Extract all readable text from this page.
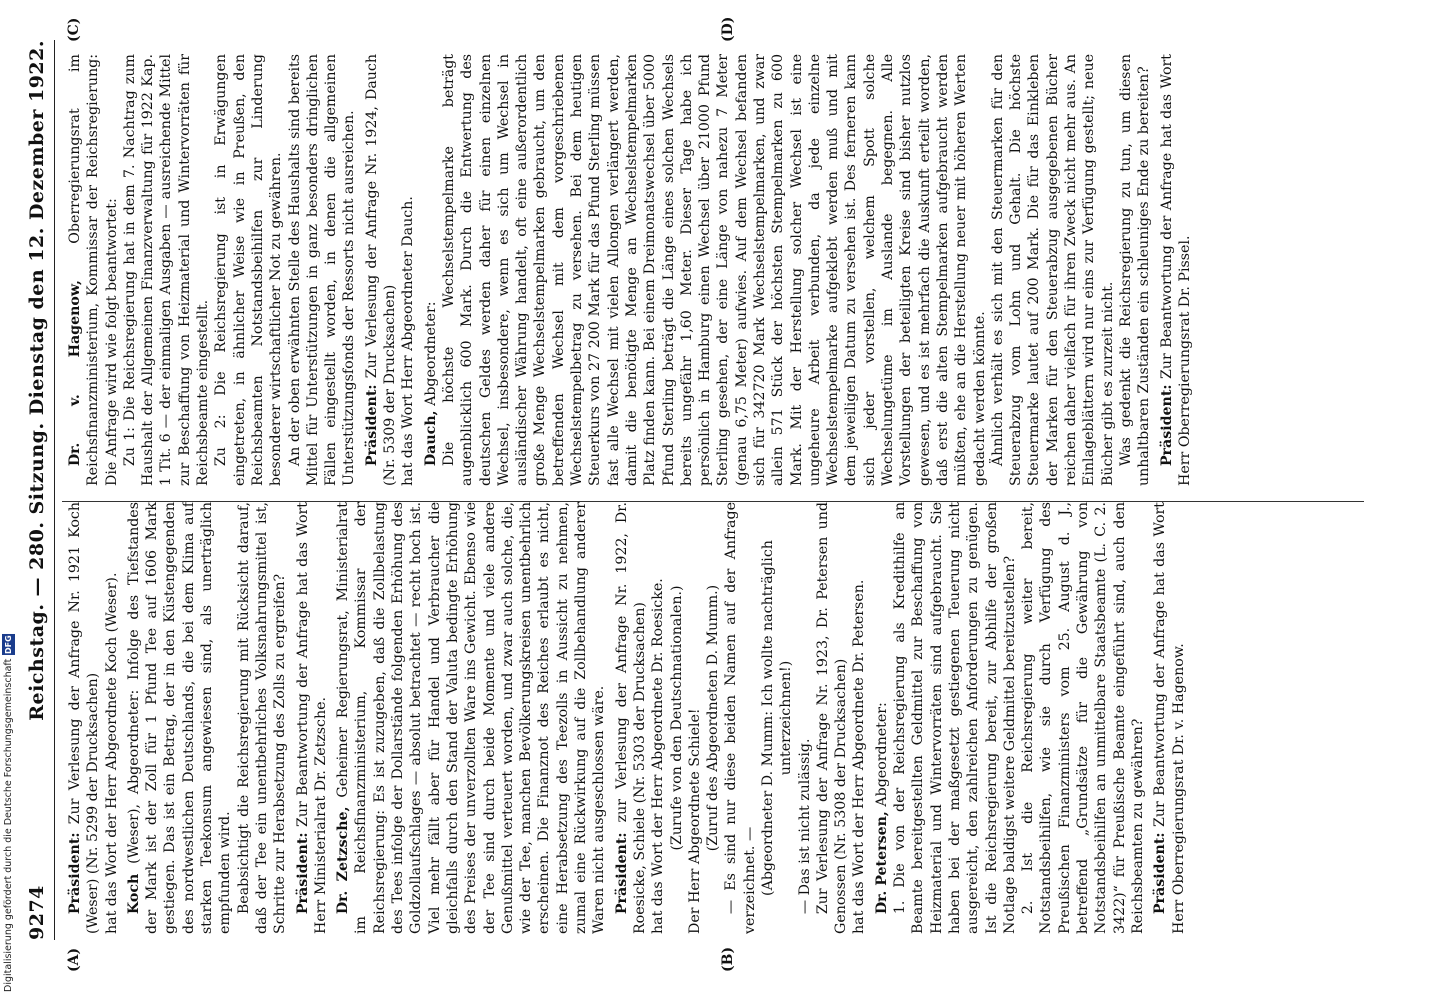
9274
Reichstag. — 280. Sitzung. Dienstag den 12. Dezember 1922.
(A)	(B)
(C)	(D)

Präsident: Zur Verlesung der Anfrage Nr. 1921 Koch (Weser) (Nr. 5299 der Drucksachen) hat das Wort der Herr Abgeordnete Koch (Weser). Koch (Weser), Abgeordneter: Infolge des Tiefstandes der Mark ist der Zoll für 1 Pfund Tee auf 1606 Mark gestiegen. Das ist ein Betrag, der in den Küstengegenden des nordwestlichen Deutschlands, die bei dem Klima auf starken Teekonsum angewiesen sind, als unerträglich empfunden wird. Beabsichtigt die Reichsregierung mit Rücksicht darauf, daß der Tee ein unentbehrliches Volksnahrungsmittel ist, Schritte zur Herabsetzung des Zolls zu ergreifen? Präsident: Zur Beantwortung der Anfrage hat das Wort Herr Ministerialrat Dr. Zetzsche. Dr. Zetzsche, Geheimer Regierungsrat, Ministerialrat im Reichsfinanzministerium, Kommissar der Reichsregierung: Es ist zuzugeben, daß die Zollbelastung des Tees infolge der Dollarstände folgenden Erhöhung des Goldzollaufschlages — absolut betrachtet — recht hoch ist. Viel mehr fällt aber für Handel und Verbraucher die gleichfalls durch den Stand der Valuta bedingte Erhöhung des Preises der unverzollten Ware ins Gewicht. Ebenso wie der Tee sind durch beide Momente und viele andere Genußmittel verteuert worden, und zwar auch solche, die, wie der Tee, manchen Bevölkerungskreisen unentbehrlich erscheinen. Die Finanznot des Reiches erlaubt es nicht, eine Herabsetzung des Teezolls in Aussicht zu nehmen, zumal eine Rückwirkung auf die Zollbehandlung anderer Waren nicht ausgeschlossen wäre. Präsident: zur Verlesung der Anfrage Nr. 1922, Dr. Roesicke, Schiele (Nr. 5303 der Drucksachen) hat das Wort der Herr Abgeordnete Dr. Roesicke. (Zurufe von den Deutschnationalen.) Der Herr Abgeordnete Schiele! (Zuruf des Abgeordneten D. Mumm.) — Es sind nur diese beiden Namen auf der Anfrage verzeichnet. — (Abgeordneter D. Mumm: Ich wollte nachträglich unterzeichnen!)

— Das ist nicht zulässig. Zur Verlesung der Anfrage Nr. 1923, Dr. Petersen und Genossen (Nr. 5308 der Drucksachen) hat das Wort der Herr Abgeordnete Dr. Petersen. Dr. Petersen, Abgeordneter: 1. Die von der Reichsregierung als Kredithilfe an Beamte bereitgestellten Geldmittel zur Beschaffung von Heizmaterial und Wintervorräten sind aufgebraucht. Sie haben bei der maßgesetzt gestiegenen Teuerung nicht ausgereicht, den zahlreichen Anforderungen zu genügen. Ist die Reichsregierung bereit, zur Abhilfe der großen Notlage baldigst weitere Geldmittel bereitzustellen? 2. Ist die Reichsregierung weiter bereit, Notstandsbeihilfen, wie sie durch Verfügung des Preußischen Finanzministers vom 25. August d. J., betreffend „Grundsätze für die Gewährung von Notstandsbeihilfen an unmittelbare Staatsbeamte (L. C. 2. 3422)“ für Preußische Beamte eingeführt sind, auch den Reichsbeamten zu gewähren? Präsident: Zur Beantwortung der Anfrage hat das Wort Herr Oberregierungsrat Dr. v. Hagenow.

Dr. v. Hagenow, Oberregierungsrat im Reichsfinanzministerium, Kommissar der Reichsregierung: Die Anfrage wird wie folgt beantwortet: Zu 1: Die Reichsregierung hat in dem 7. Nachtrag zum Haushalt der Allgemeinen Finanzverwaltung für 1922 Kap. 1 Tit. 6 — der einmaligen Ausgaben — ausreichende Mittel zur Beschaffung von Heizmaterial und Wintervorräten für Reichsbeamte eingestellt. Zu 2: Die Reichsregierung ist in Erwägungen eingetreten, in ähnlicher Weise wie in Preußen, den Reichsbeamten Notstandsbeihilfen zur Linderung besonderer wirtschaftlicher Not zu gewähren. An der oben erwähnten Stelle des Haushalts sind bereits Mittel für Unterstützungen in ganz besonders dringlichen Fällen eingestellt worden, in denen die allgemeinen Unterstützungsfonds der Ressorts nicht ausreichen. Präsident: Zur Verlesung der Anfrage Nr. 1924, Dauch (Nr. 5309 der Drucksachen) hat das Wort Herr Abgeordneter Dauch. Dauch, Abgeordneter: Die höchste Wechselstempelmarke beträgt augenblicklich 600 Mark. Durch die Entwertung des deutschen Geldes werden daher für einen einzelnen Wechsel, insbesondere, wenn es sich um Wechsel in ausländischer Währung handelt, oft eine außerordentlich große Menge Wechselstempelmarken gebraucht, um den betreffenden Wechsel mit dem vorgeschriebenen Wechselstempelbetrag zu versehen. Bei dem heutigen Steuerkurs von 27 200 Mark für das Pfund Sterling müssen fast alle Wechsel mit vielen Allongen verlängert werden, damit die benötigte Menge an Wechselstempelmarken Platz finden kann. Bei einem Dreimonatswechsel über 5000 Pfund Sterling beträgt die Länge eines solchen Wechsels bereits ungefähr 1,60 Meter. Dieser Tage habe ich persönlich in Hamburg einen Wechsel über 21000 Pfund Sterling gesehen, der eine Länge von nahezu 7 Meter (genau 6,75 Meter) aufwies. Auf dem Wechsel befanden sich für 342720 Mark Wechselstempelmarken, und zwar allein 571 Stück der höchsten Stempelmarken zu 600 Mark. Mit der Herstellung solcher Wechsel ist eine ungeheure Arbeit verbunden, da jede einzelne Wechselstempelmarke aufgeklebt werden muß und mit dem jeweiligen Datum zu versehen ist. Des ferneren kann sich jeder vorstellen, welchem Spott solche Wechselungetüme im Auslande begegnen. Alle Vorstellungen der beteiligten Kreise sind bisher nutzlos gewesen, und es ist mehrfach die Auskunft erteilt worden, daß erst die alten Stempelmarken aufgebraucht werden müßten, ehe an die Herstellung neuer mit höheren Werten gedacht werden könnte. Ähnlich verhält es sich mit den Steuermarken für den Steuerabzug vom Lohn und Gehalt. Die höchste Steuermarke lautet auf 200 Mark. Die für das Einkleben der Marken für den Steuerabzug ausgegebenen Bücher reichen daher vielfach für ihren Zweck nicht mehr aus. An Einlageblättern wird nur eins zur Verfügung gestellt; neue Bücher gibt es zurzeit nicht. Was gedenkt die Reichsregierung zu tun, um diesen unhaltbaren Zuständen ein schleuniges Ende zu bereiten? Präsident: Zur Beantwortung der Anfrage hat das Wort Herr Oberregierungsrat Dr. Pissel.

Digitalisierung gefördert durch die Deutsche Forschungsgemeinschaft
DFG
